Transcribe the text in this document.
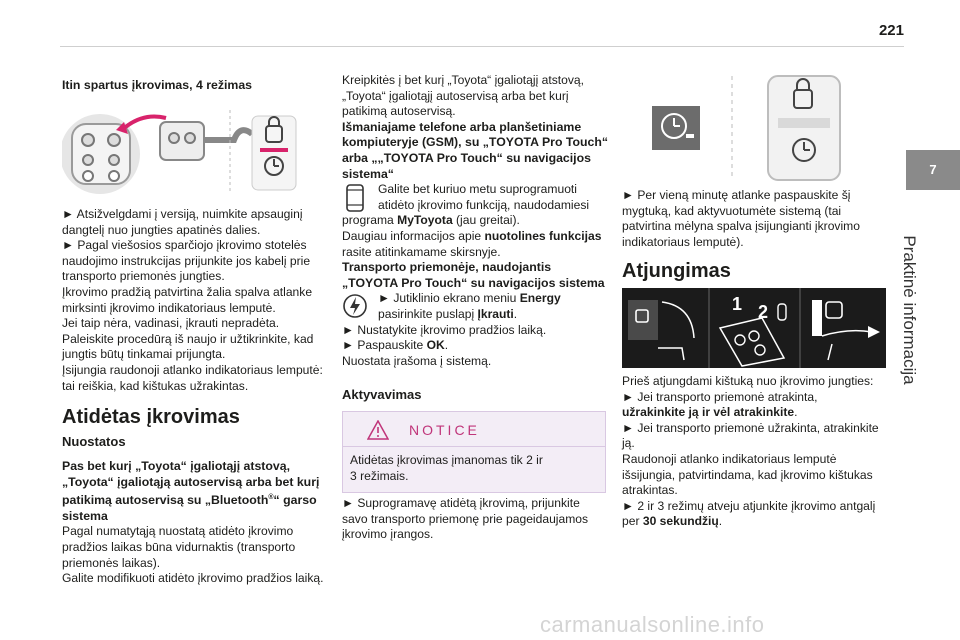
221
7
Praktinė informacija
Itin spartus įkrovimas, 4 režimas

► Atsižvelgdami į versiją, nuimkite apsauginį

dangtelį nuo jungties apatinės dalies.

► Pagal viešosios sparčiojo įkrovimo stotelės

naudojimo instrukcijas prijunkite jos kabelį prie

transporto priemonės jungties.

Įkrovimo pradžią patvirtina žalia spalva atlanke

mirksinti įkrovimo indikatoriaus lemputė.

Jei taip nėra, vadinasi, įkrauti nepradėta.

Paleiskite procedūrą iš naujo ir užtikrinkite, kad

jungtis būtų tinkamai prijungta.

Įsijungia raudonoji atlanko indikatoriaus lemputė:

tai reiškia, kad kištukas užrakintas.

Atidėtas įkrovimas
Nuostatos

Pas bet kurį „Toyota“ įgaliotąjį atstovą,

„Toyota“ įgaliotąją autoservisą arba bet kurį

patikimą autoservisą su „Bluetooth®“ garso

sistema

Pagal numatytąją nuostatą atidėto įkrovimo

pradžios laikas būna vidurnaktis (transporto

priemonės laikas).

Galite modifikuoti atidėto įkrovimo pradžios laiką.

Kreipkitės į bet kurį „Toyota“ įgaliotąjį atstovą,

„Toyota“ įgaliotąjį autoservisą arba bet kurį

patikimą autoservisą.

Išmaniajame telefone arba planšetiniame

kompiuteryje (GSM), su „TOYOTA Pro Touch“

arba „„TOYOTA Pro Touch“ su navigacijos

sistema“

Galite bet kuriuo metu suprogramuoti

atidėto įkrovimo funkciją, naudodamiesi

programa MyToyota (jau greitai).

Daugiau informacijos apie nuotolines funkcijas

rasite atitinkamame skirsnyje.

Transporto priemonėje, naudojantis

„TOYOTA Pro Touch“ su navigacijos sistema

► Jutiklinio ekrano meniu Energy

pasirinkite puslapį Įkrauti.

► Nustatykite įkrovimo pradžios laiką.

► Paspauskite OK.

Nuostata įrašoma į sistemą.

Aktyvavimas
NOTICE
Atidėtas įkrovimas įmanomas tik 2 ir
3 režimais.

► Suprogramavę atidėtą įkrovimą, prijunkite

savo transporto priemonę prie pageidaujamos

įkrovimo įrangos.

► Per vieną minutę atlanke paspauskite šį

mygtuką, kad aktyvuotumėte sistemą (tai

patvirtina mėlyna spalva įsijungianti įkrovimo

indikatoriaus lemputė).

Atjungimas
1 2

Prieš atjungdami kištuką nuo įkrovimo jungties:

► Jei transporto priemonė atrakinta,

užrakinkite ją ir vėl atrakinkite.

► Jei transporto priemonė užrakinta, atrakinkite

ją.

Raudonoji atlanko indikatoriaus lemputė

išsijungia, patvirtindama, kad įkrovimo kištukas

atrakintas.

► 2 ir 3 režimų atveju atjunkite įkrovimo antgalį

per 30 sekundžių.

carmanualsonline.info
